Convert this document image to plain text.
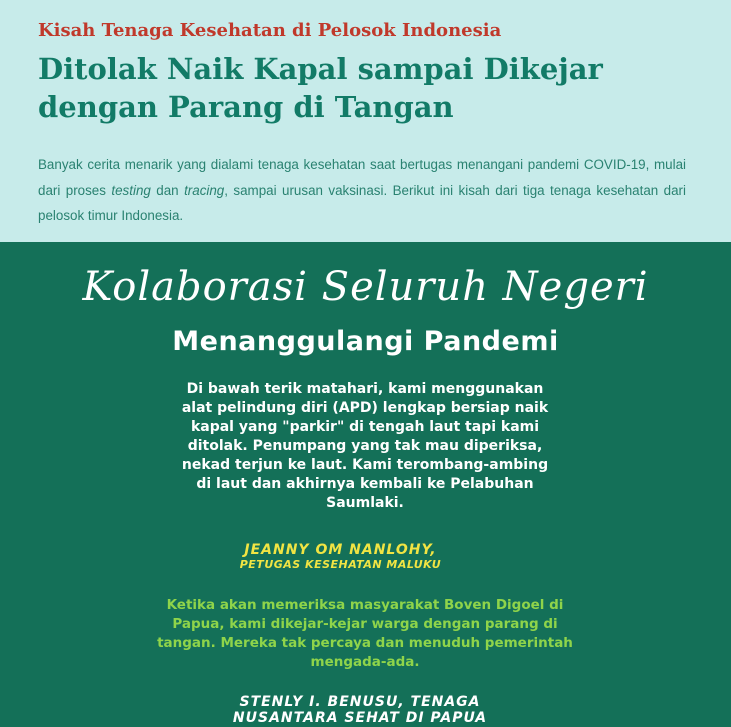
Kisah Tenaga Kesehatan di Pelosok Indonesia
Ditolak Naik Kapal sampai Dikejar
dengan Parang di Tangan

Banyak cerita menarik yang dialami tenaga kesehatan saat bertugas menangani pandemi COVID-19, mulai dari proses testing dan tracing, sampai urusan vaksinasi. Berikut ini kisah dari tiga tenaga kesehatan dari pelosok timur Indonesia.

Kolaborasi Seluruh Negeri
Menanggulangi Pandemi

Di bawah terik matahari, kami menggunakan alat pelindung diri (APD) lengkap bersiap naik kapal yang "parkir" di tengah laut tapi kami ditolak. Penumpang yang tak mau diperiksa, nekad terjun ke laut. Kami terombang-ambing di laut dan akhirnya kembali ke Pelabuhan Saumlaki.

JEANNY OM NANLOHY,
PETUGAS KESEHATAN MALUKU

Ketika akan memeriksa masyarakat Boven Digoel di Papua, kami dikejar-kejar warga dengan parang di tangan. Mereka tak percaya dan menuduh pemerintah mengada-ada.

STENLY I. BENUSU, TENAGA
NUSANTARA SEHAT DI PAPUA
